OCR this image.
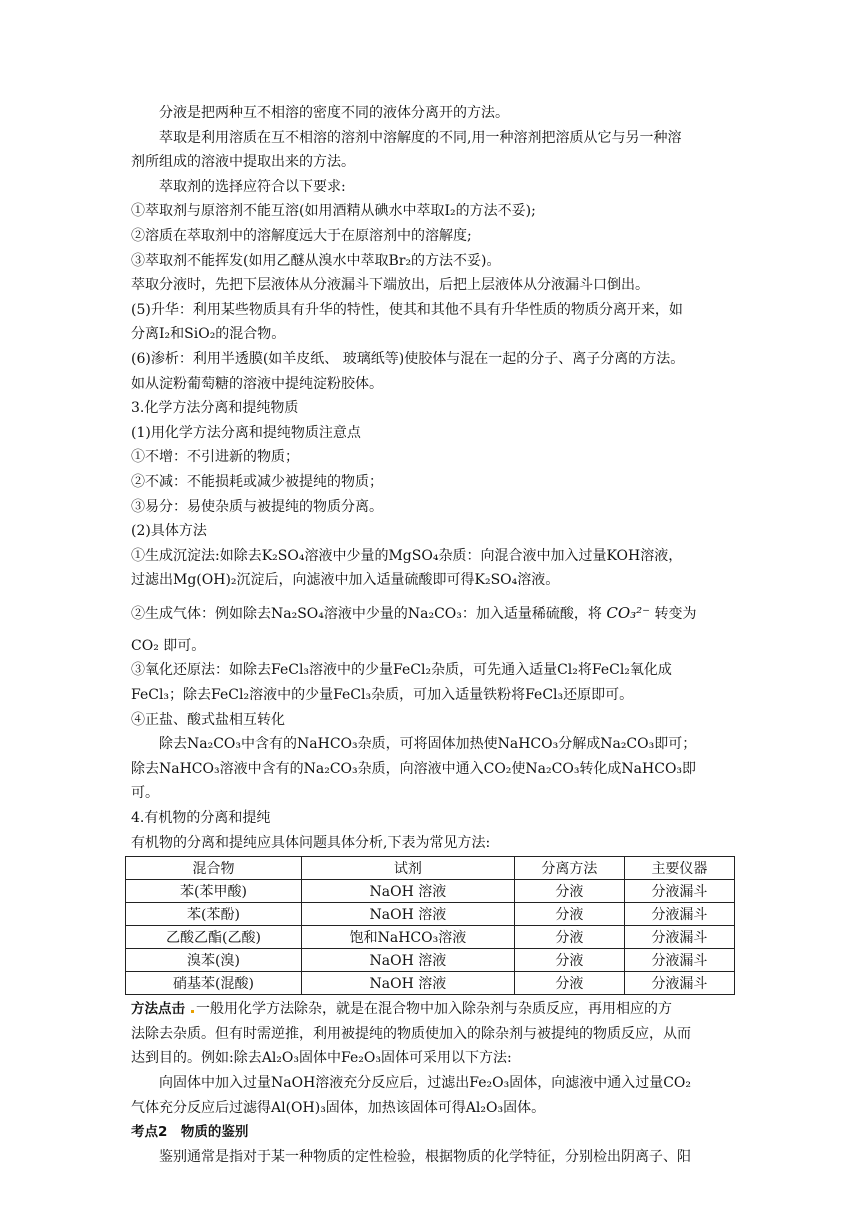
分液是把两种互不相溶的密度不同的液体分离开的方法。
萃取是利用溶质在互不相溶的溶剂中溶解度的不同,用一种溶剂把溶质从它与另一种溶
剂所组成的溶液中提取出来的方法。
萃取剂的选择应符合以下要求:
①萃取剂与原溶剂不能互溶(如用酒精从碘水中萃取I₂的方法不妥);
②溶质在萃取剂中的溶解度远大于在原溶剂中的溶解度;
③萃取剂不能挥发(如用乙醚从溴水中萃取Br₂的方法不妥)。
萃取分液时，先把下层液体从分液漏斗下端放出，后把上层液体从分液漏斗口倒出。
(5)升华：利用某些物质具有升华的特性，使其和其他不具有升华性质的物质分离开来，如
分离I₂和SiO₂的混合物。
(6)渗析：利用半透膜(如羊皮纸、 玻璃纸等)使胶体与混在一起的分子、离子分离的方法。
如从淀粉葡萄糖的溶液中提纯淀粉胶体。
3.化学方法分离和提纯物质
(1)用化学方法分离和提纯物质注意点
①不增：不引进新的物质；
②不减：不能损耗或减少被提纯的物质；
③易分：易使杂质与被提纯的物质分离。
(2)具体方法
①生成沉淀法:如除去K₂SO₄溶液中少量的MgSO₄杂质：向混合液中加入过量KOH溶液，
过滤出Mg(OH)₂沉淀后，向滤液中加入适量硫酸即可得K₂SO₄溶液。
②生成气体：例如除去Na₂SO₄溶液中少量的Na₂CO₃：加入适量稀硫酸，将 CO₃²⁻ 转变为
CO₂ 即可。
③氧化还原法：如除去FeCl₃溶液中的少量FeCl₂杂质，可先通入适量Cl₂将FeCl₂氧化成
FeCl₃；除去FeCl₂溶液中的少量FeCl₃杂质，可加入适量铁粉将FeCl₃还原即可。
④正盐、酸式盐相互转化
除去Na₂CO₃中含有的NaHCO₃杂质，可将固体加热使NaHCO₃分解成Na₂CO₃即可；
除去NaHCO₃溶液中含有的Na₂CO₃杂质，向溶液中通入CO₂使Na₂CO₃转化成NaHCO₃即
可。
4.有机物的分离和提纯
有机物的分离和提纯应具体问题具体分析,下表为常见方法:
混合物	试剂	分离方法	主要仪器
苯(苯甲酸)	NaOH 溶液	分液	分液漏斗
苯(苯酚)	NaOH 溶液	分液	分液漏斗
乙酸乙酯(乙酸)	饱和NaHCO₃溶液	分液	分液漏斗
溴苯(溴)	NaOH 溶液	分液	分液漏斗
硝基苯(混酸)	NaOH 溶液	分液	分液漏斗
方法点击 一般用化学方法除杂，就是在混合物中加入除杂剂与杂质反应，再用相应的方
法除去杂质。但有时需逆推，利用被提纯的物质使加入的除杂剂与被提纯的物质反应，从而
达到目的。例如:除去Al₂O₃固体中Fe₂O₃固体可采用以下方法:
向固体中加入过量NaOH溶液充分反应后，过滤出Fe₂O₃固体，向滤液中通入过量CO₂
气体充分反应后过滤得Al(OH)₃固体，加热该固体可得Al₂O₃固体。
考点2　物质的鉴别
鉴别通常是指对于某一种物质的定性检验，根据物质的化学特征，分别检出阴离子、阳
